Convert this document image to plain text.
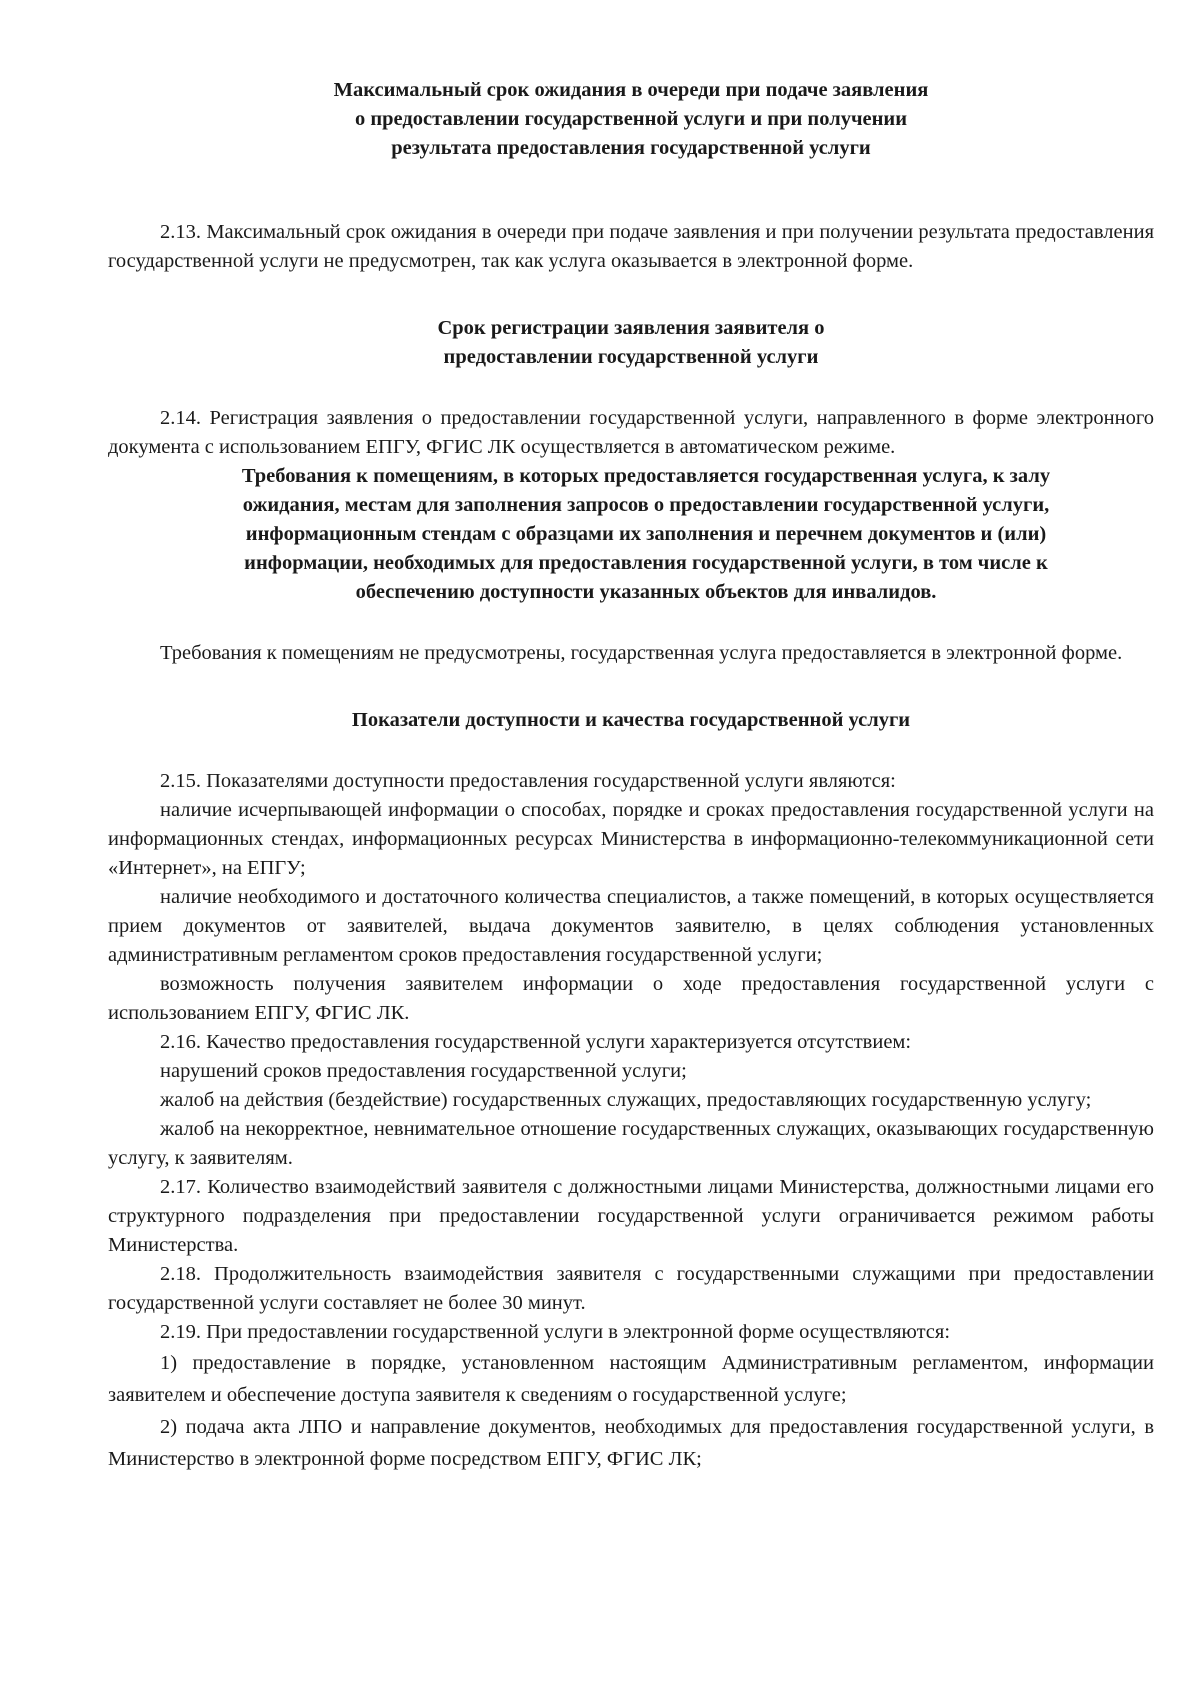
Максимальный срок ожидания в очереди при подаче заявления
о предоставлении государственной услуги и при получении
результата предоставления государственной услуги

2.13. Максимальный срок ожидания в очереди при подаче заявления и при получении результата предоставления государственной услуги не предусмотрен, так как услуга оказывается в электронной форме.

Срок регистрации заявления заявителя о
предоставлении государственной услуги

2.14. Регистрация заявления о предоставлении государственной услуги, направленного в форме электронного документа с использованием ЕПГУ, ФГИС ЛК осуществляется в автоматическом режиме.

Требования к помещениям, в которых предоставляется государственная услуга, к залу
ожидания, местам для заполнения запросов о предоставлении государственной услуги,
информационным стендам с образцами их заполнения и перечнем документов и (или)
информации, необходимых для предоставления государственной услуги, в том числе к
обеспечению доступности указанных объектов для инвалидов.

Требования к помещениям не предусмотрены, государственная услуга предоставляется в электронной форме.

Показатели доступности и качества государственной услуги

2.15. Показателями доступности предоставления государственной услуги являются:

наличие исчерпывающей информации о способах, порядке и сроках предоставления государственной услуги на информационных стендах, информационных ресурсах Министерства в информационно-телекоммуникационной сети «Интернет», на ЕПГУ;

наличие необходимого и достаточного количества специалистов, а также помещений, в которых осуществляется прием документов от заявителей, выдача документов заявителю, в целях соблюдения установленных административным регламентом сроков предоставления государственной услуги;

возможность получения заявителем информации о ходе предоставления государственной услуги с использованием ЕПГУ, ФГИС ЛК.

2.16. Качество предоставления государственной услуги характеризуется отсутствием:

нарушений сроков предоставления государственной услуги;

жалоб на действия (бездействие) государственных служащих, предоставляющих государственную услугу;

жалоб на некорректное, невнимательное отношение государственных служащих, оказывающих государственную услугу, к заявителям.

2.17. Количество взаимодействий заявителя с должностными лицами Министерства, должностными лицами его структурного подразделения при предоставлении государственной услуги ограничивается режимом работы Министерства.

2.18. Продолжительность взаимодействия заявителя с государственными служащими при предоставлении государственной услуги составляет не более 30 минут.

2.19. При предоставлении государственной услуги в электронной форме осуществляются:

1) предоставление в порядке, установленном настоящим Административным регламентом, информации заявителем и обеспечение доступа заявителя к сведениям о государственной услуге;

2) подача акта ЛПО и направление документов, необходимых для предоставления государственной услуги, в Министерство в электронной форме посредством ЕПГУ, ФГИС ЛК;
